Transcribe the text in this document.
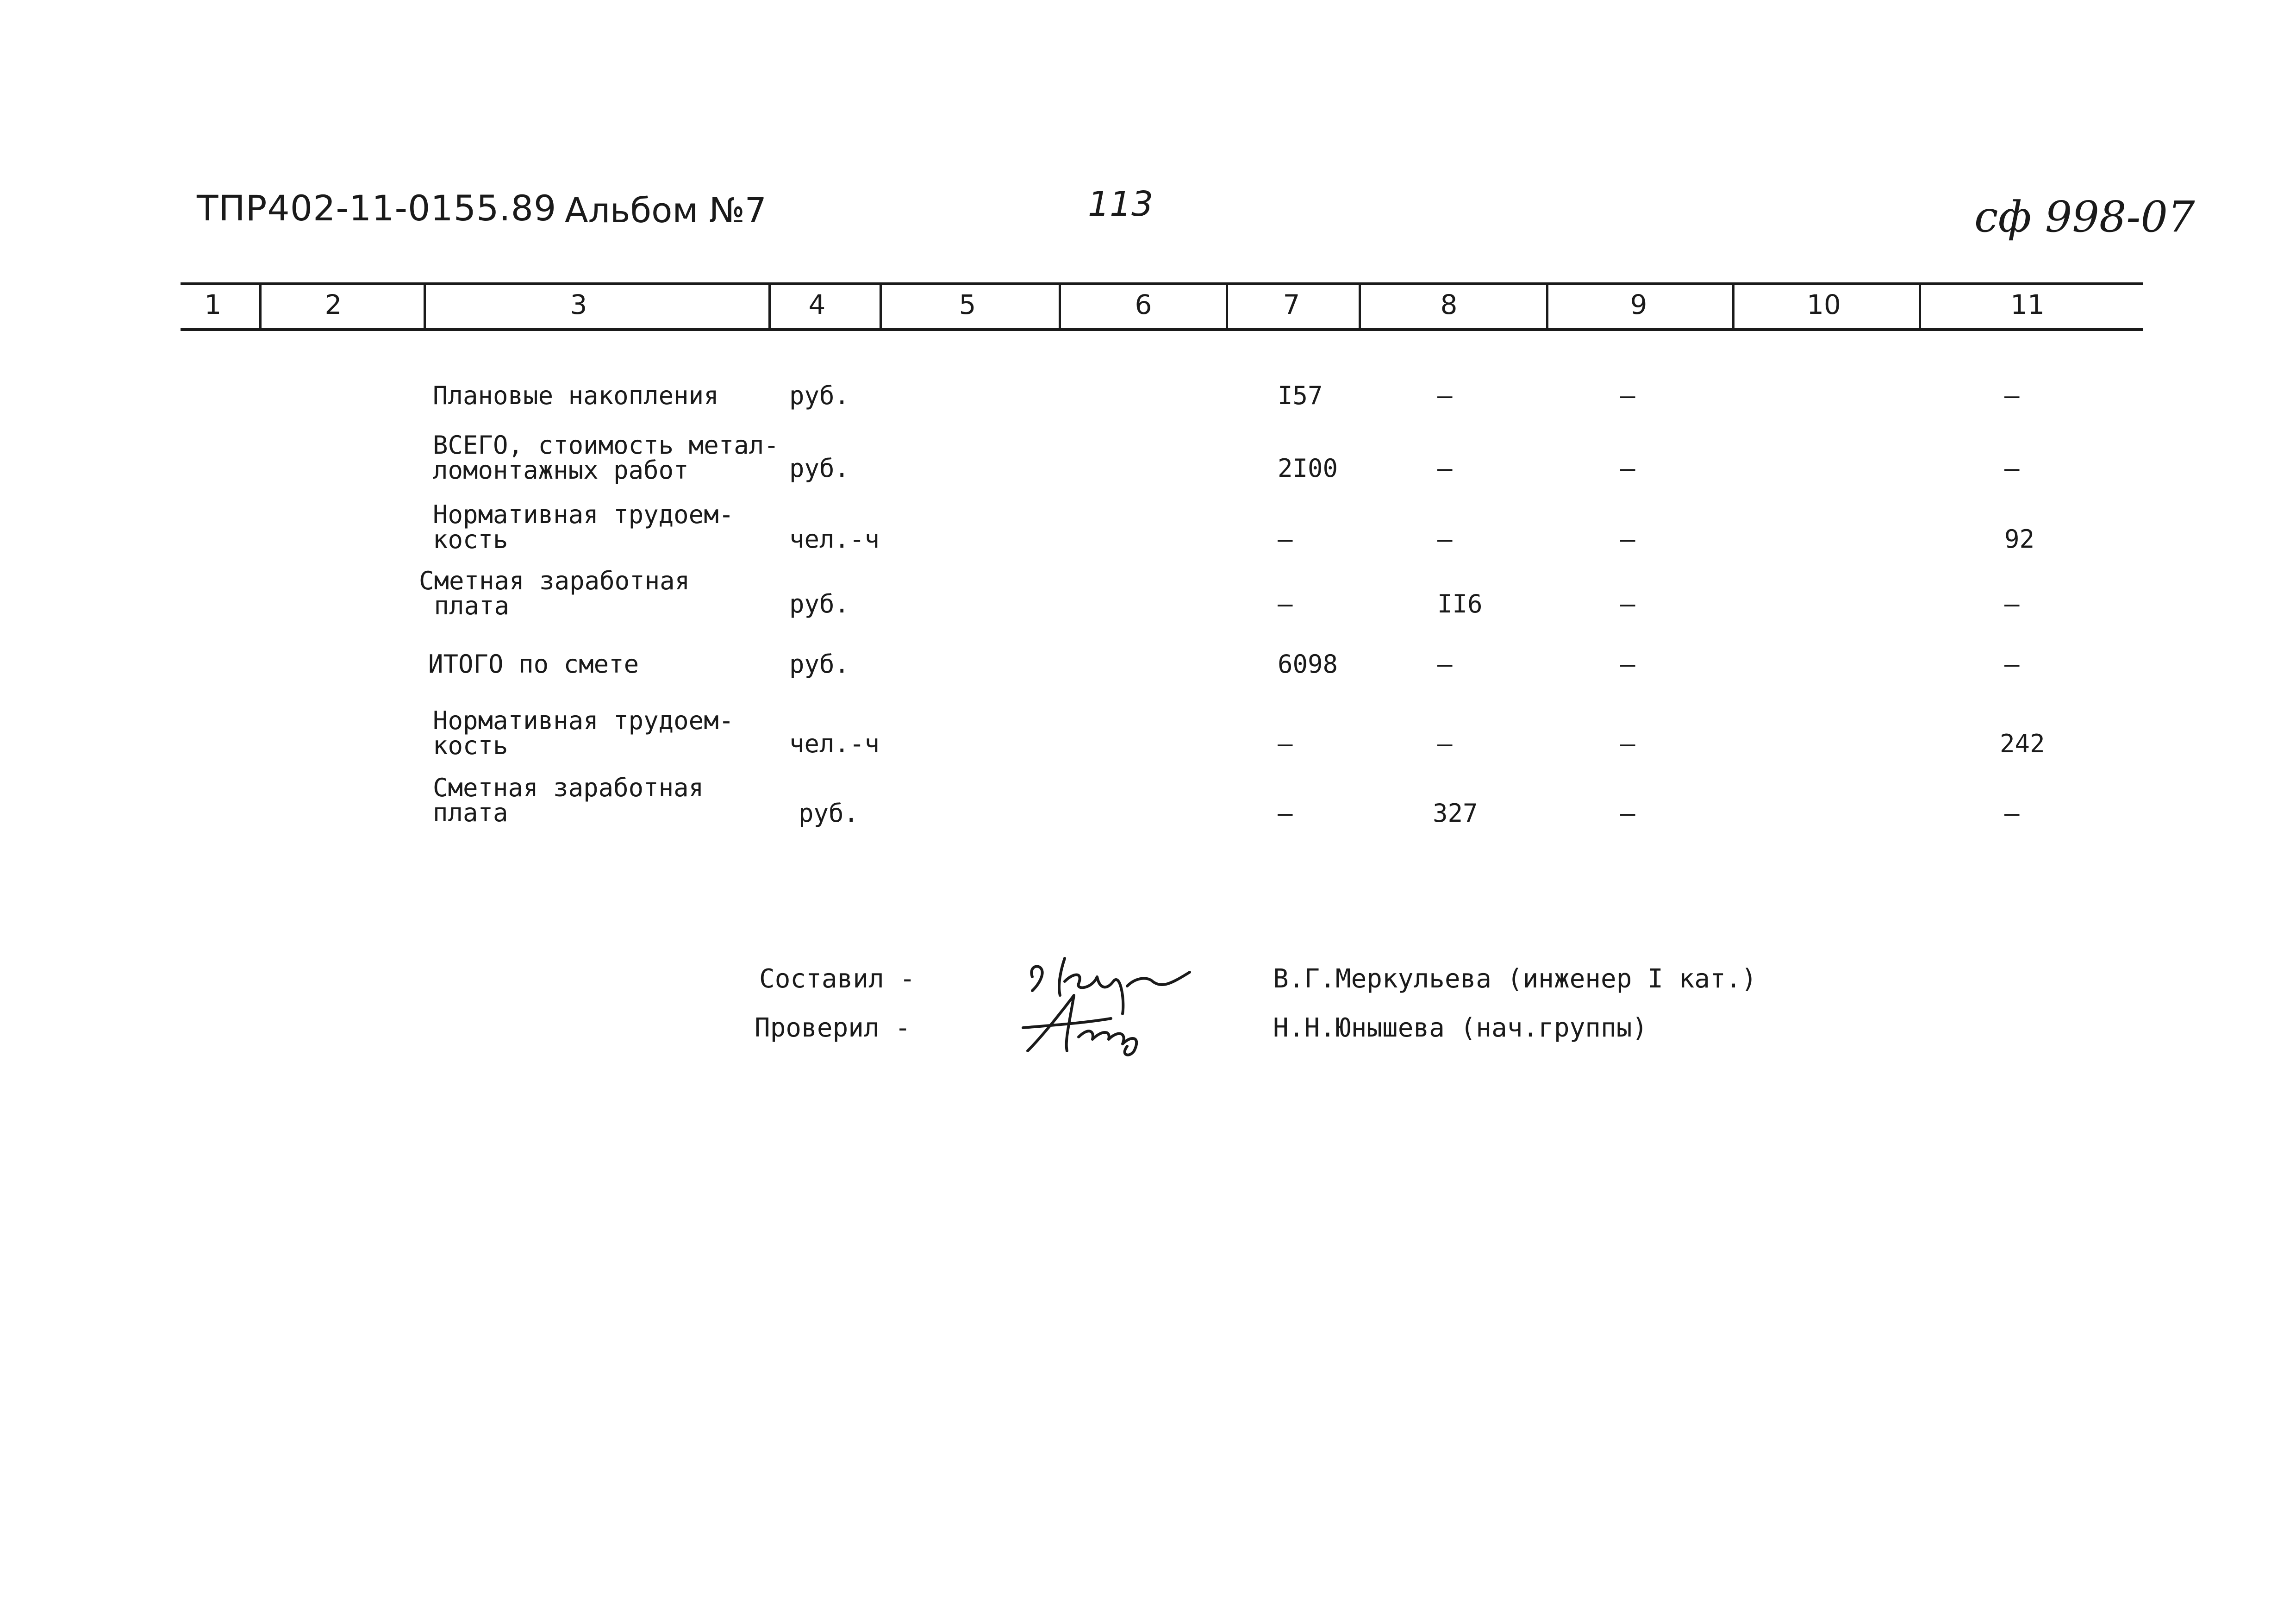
ТПР402-11-0155.89 Альбом №7	113	сф 998-07
1	2	3	4	5	6	7	8	9	10	11
Плановые накопления	руб.	I57	–	–	–
ВСЕГО, стоимость метал-
ломонтажных работ	руб.	2I00	–	–	–
Нормативная трудоем-
кость	чел.-ч	–	–	–	92
Сметная заработная
плата	руб.	–	II6	–	–
ИТОГО по смете	руб.	6098	–	–	–
Нормативная трудоем-
кость	чел.-ч	–	–	–	242
Сметная заработная
плата	руб.	–	327	–	–
Составил -	В.Г.Меркульева (инженер I кат.)
Проверил -	Н.Н.Юнышева (нач.группы)
